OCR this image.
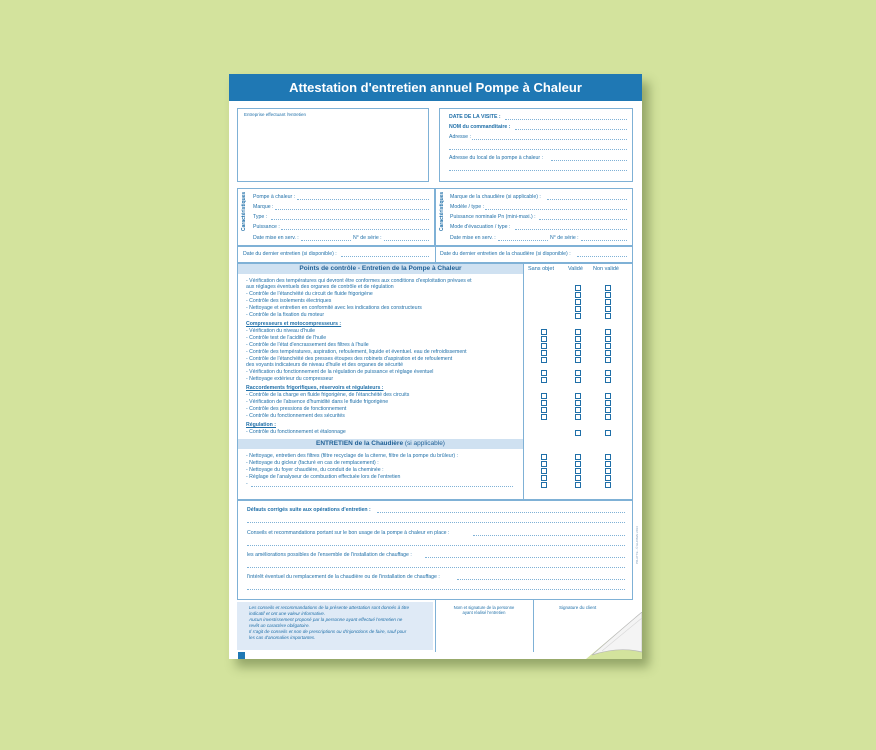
Attestation d'entretien annuel Pompe à Chaleur
Entreprise effectuant l'entretien	DATE DE LA VISITE :
NOM du commanditaire :
Adresse :
Adresse du local de la pompe à chaleur :
Caractéristiques Pompe à chaleur :
Marque :
Type :
Puissance :
Date mise en serv. :	N° de série :
Caractéristiques Marque de la chaudière (si applicable) :
Modèle / type :
Puissance nominale Pn (mini-maxi.) :
Mode d'évacuation / type :
Date mise en serv. :	N° de série :
Date du dernier entretien (si disponible) :	Date du dernier entretien de la chaudière (si disponible) :
Points de contrôle - Entretien de la Pompe à Chaleur	Sans objet	Validé Non validé
- Vérification des températures qui devront être conformes aux conditions d'exploitation prévues et
aux réglages éventuels des organes de contrôle et de régulation
- Contrôle de l'étanchéité du circuit de fluide frigorigène
- Contrôle des isolements électriques
- Nettoyage et entretien en conformité avec les indications des constructeurs
- Contrôle de la fixation du moteur
Compresseurs et motocompresseurs :
- Vérification du niveau d'huile
- Contrôle test de l'acidité de l'huile
- Contrôle de l'état d'encrassement des filtres à l'huile
- Contrôle des températures, aspiration, refoulement, liquide et éventuel. eau de refroidissement
- Contrôle de l'étanchéité des presses étoupes des robinets d'aspiration et de refoulement
des voyants indicateurs de niveau d'huile et des organes de sécurité
- Vérification du fonctionnement de la régulation de puissance et réglage éventuel
- Nettoyage extérieur du compresseur
Raccordements frigorifiques, réservoirs et régulateurs :
- Contrôle de la charge en fluide frigorigène, de l'étanchéité des circuits
- Vérification de l'absence d'humidité dans le fluide frigorigène
- Contrôle des pressions de fonctionnement
- Contrôle du fonctionnement des sécurités
Régulation :
- Contrôle du fonctionnement et étalonnage
ENTRETIEN de la Chaudière (si applicable)
- Nettoyage, entretien des filtres (filtre recyclage de la citerne, filtre de la pompe du brûleur) :
- Nettoyage du gicleur (facturé en cas de remplacement) :
- Nettoyage du foyer chaudière, du conduit de la cheminée :
- Réglage de l'analyseur de combustion effectuée lors de l'entretien
-
Défauts corrigés suite aux opérations d'entretien :
Conseils et recommandations portant sur le bon usage de la pompe à chaleur en place :
les améliorations possibles de l'ensemble de l'installation de chauffage :
l'intérêt éventuel du remplacement de la chaudière ou de l'installation de chauffage :
Les conseils et recommandations de la présente attestation sont donnés à titre
indicatif et ont une valeur informative.
Aucun investissement proposé par la personne ayant effectué l'entretien ne
revêt un caractère obligatoire.
Il s'agit de conseils et non de prescriptions ou d'injonctions de faire, sauf pour
les cas d'anomalies importantes.
Nom et signature de la personne
ayant réalisé l'entretien
Signature du client
PR-ATTE - © ELCIMAI 2014
